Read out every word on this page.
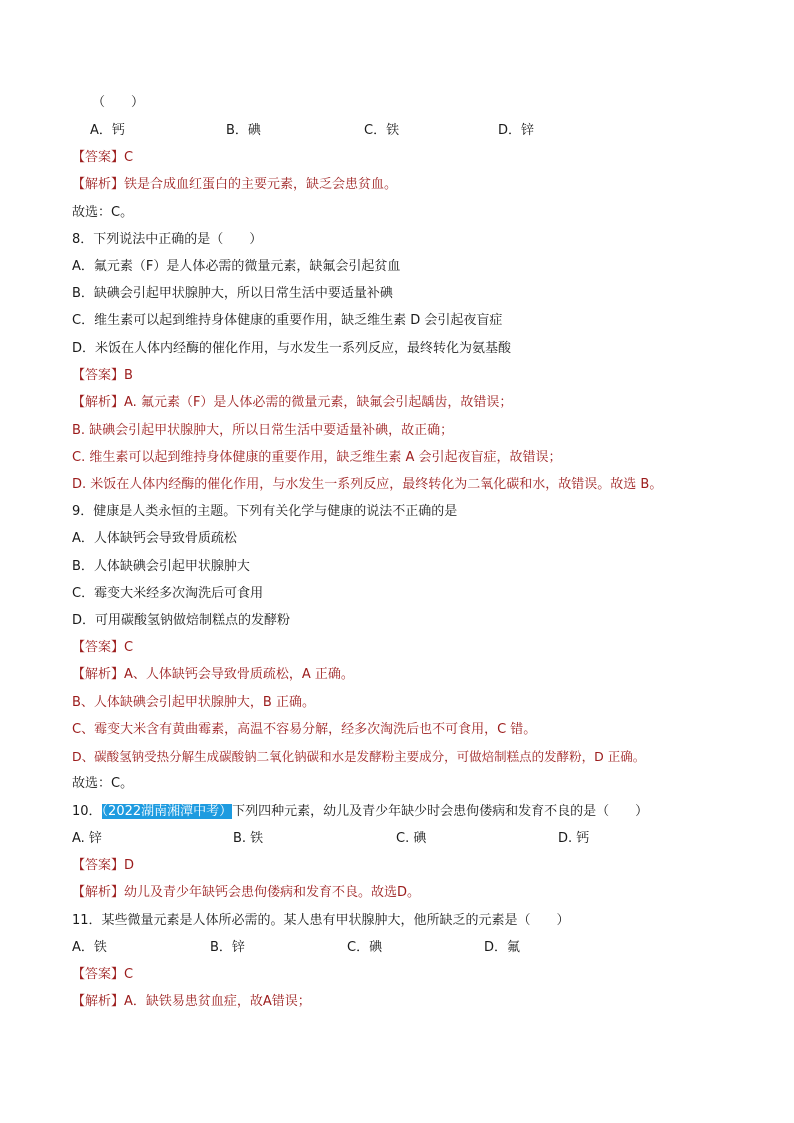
（　　）
A．钙	B．碘	C．铁	D．锌
【答案】C
【解析】铁是合成血红蛋白的主要元素，缺乏会患贫血。
故选：C。
8．下列说法中正确的是（　　）
A．氟元素（F）是人体必需的微量元素，缺氟会引起贫血
B．缺碘会引起甲状腺肿大，所以日常生活中要适量补碘
C．维生素可以起到维持身体健康的重要作用，缺乏维生素 D 会引起夜盲症
D．米饭在人体内经酶的催化作用，与水发生一系列反应，最终转化为氨基酸
【答案】B
【解析】A. 氟元素（F）是人体必需的微量元素，缺氟会引起龋齿，故错误；
B. 缺碘会引起甲状腺肿大，所以日常生活中要适量补碘，故正确；
C. 维生素可以起到维持身体健康的重要作用，缺乏维生素 A 会引起夜盲症，故错误；
D. 米饭在人体内经酶的催化作用，与水发生一系列反应，最终转化为二氧化碳和水，故错误。故选 B。
9．健康是人类永恒的主题。下列有关化学与健康的说法不正确的是
A．人体缺钙会导致骨质疏松
B．人体缺碘会引起甲状腺肿大
C．霉变大米经多次淘洗后可食用
D．可用碳酸氢钠做焙制糕点的发酵粉
【答案】C
【解析】A、人体缺钙会导致骨质疏松，A 正确。
B、人体缺碘会引起甲状腺肿大，B 正确。
C、霉变大米含有黄曲霉素，高温不容易分解，经多次淘洗后也不可食用，C 错。
D、碳酸氢钠受热分解生成碳酸钠二氧化钠碳和水是发酵粉主要成分，可做焙制糕点的发酵粉，D 正确。
故选：C。
10．（2022湖南湘潭中考）下列四种元素，幼儿及青少年缺少时会患佝偻病和发育不良的是（　　）
A. 锌	B. 铁	C. 碘	D. 钙
【答案】D
【解析】幼儿及青少年缺钙会患佝偻病和发育不良。故选D。
11．某些微量元素是人体所必需的。某人患有甲状腺肿大，他所缺乏的元素是（　　）
A．铁	B．锌	C．碘	D．氟
【答案】C
【解析】A．缺铁易患贫血症，故A错误；
